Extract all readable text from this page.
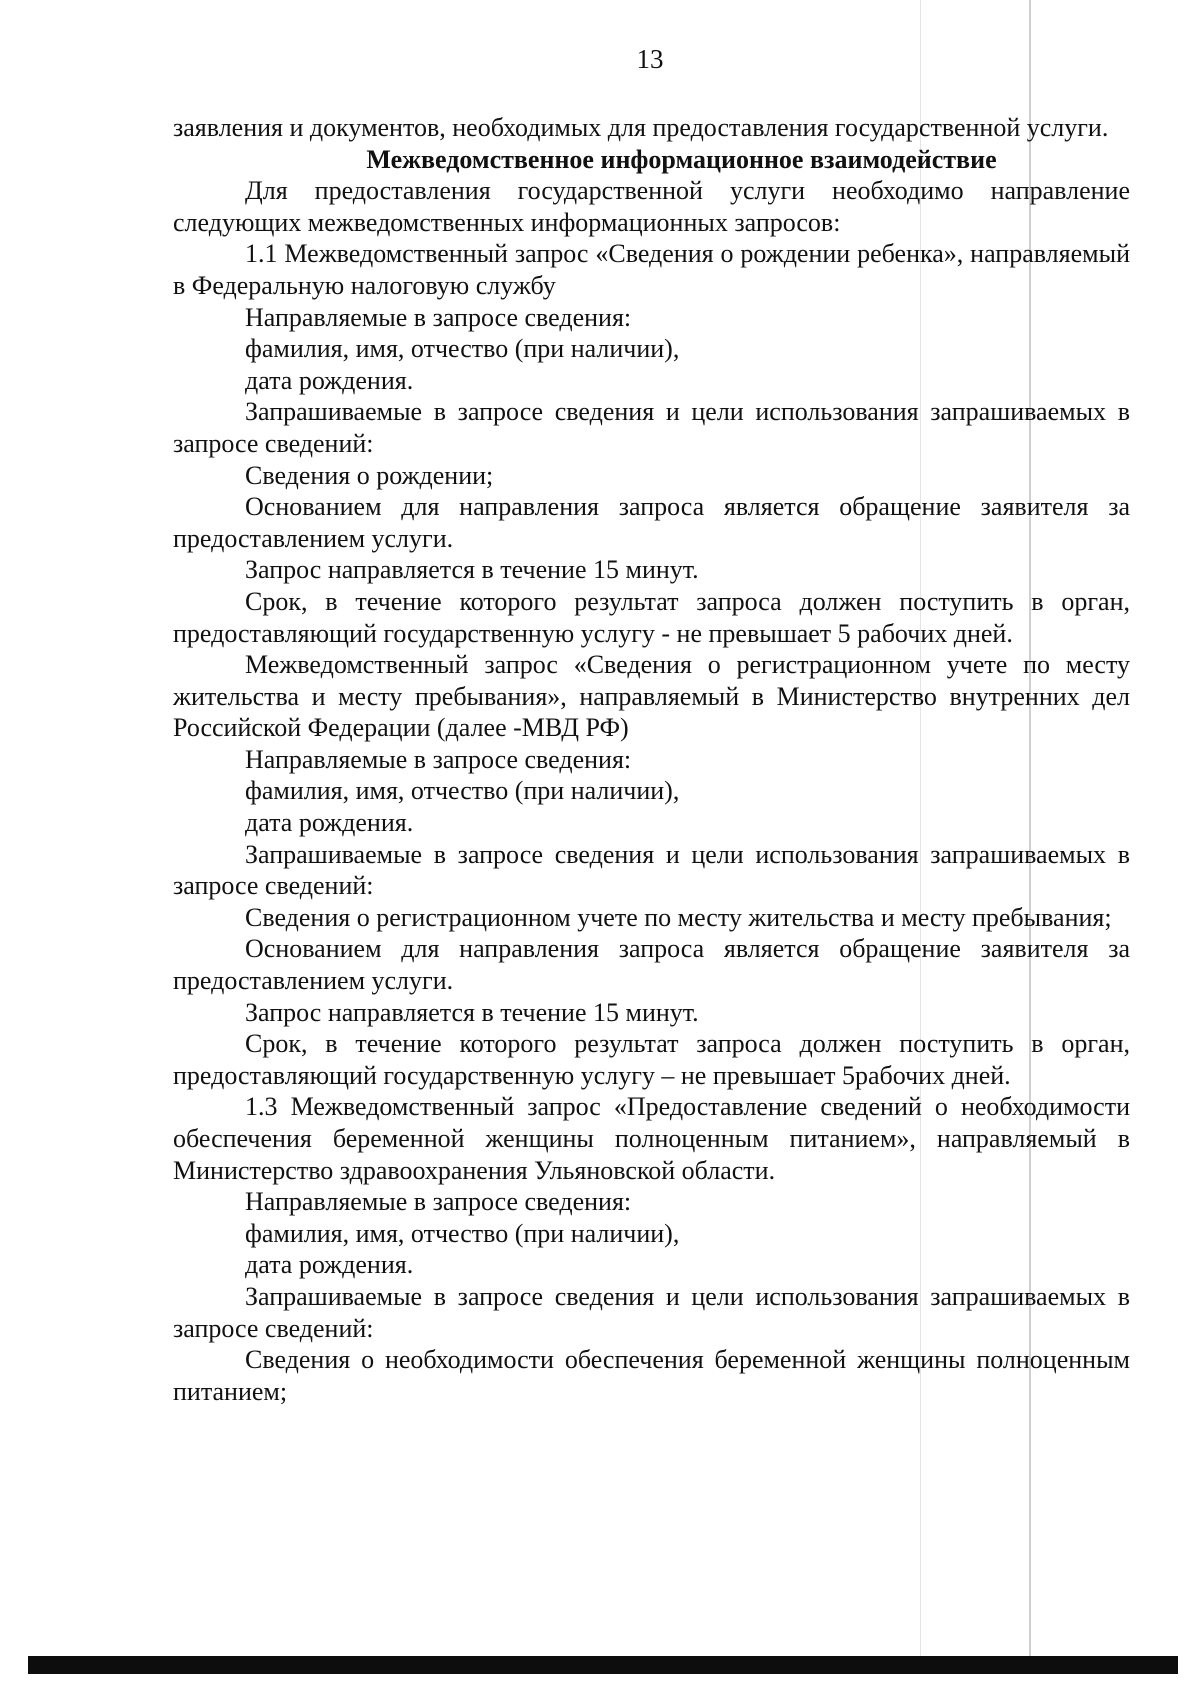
13

заявления и документов, необходимых для предоставления государственной услуги.

Межведомственное информационное взаимодействие

Для предоставления государственной услуги необходимо направление следующих межведомственных информационных запросов:

1.1 Межведомственный запрос «Сведения о рождении ребенка», направляемый в Федеральную налоговую службу

Направляемые в запросе сведения:

фамилия, имя, отчество (при наличии),

дата рождения.

Запрашиваемые в запросе сведения и цели использования запрашиваемых в запросе сведений:

Сведения о рождении;

Основанием для направления запроса является обращение заявителя за предоставлением услуги.

Запрос направляется в течение 15 минут.

Срок, в течение которого результат запроса должен поступить в орган, предоставляющий государственную услугу - не превышает 5 рабочих дней.

Межведомственный запрос «Сведения о регистрационном учете по месту жительства и месту пребывания», направляемый в Министерство внутренних дел Российской Федерации (далее -МВД РФ)

Направляемые в запросе сведения:

фамилия, имя, отчество (при наличии),

дата рождения.

Запрашиваемые в запросе сведения и цели использования запрашиваемых в запросе сведений:

Сведения о регистрационном учете по месту жительства и месту пребывания;

Основанием для направления запроса является обращение заявителя за предоставлением услуги.

Запрос направляется в течение 15 минут.

Срок, в течение которого результат запроса должен поступить в орган, предоставляющий государственную услугу – не превышает 5рабочих дней.

1.3 Межведомственный запрос «Предоставление сведений о необходимости обеспечения беременной женщины полноценным питанием», направляемый в Министерство здравоохранения Ульяновской области.

Направляемые в запросе сведения:

фамилия, имя, отчество (при наличии),

дата рождения.

Запрашиваемые в запросе сведения и цели использования запрашиваемых в запросе сведений:

Сведения о необходимости обеспечения беременной женщины полноценным питанием;
